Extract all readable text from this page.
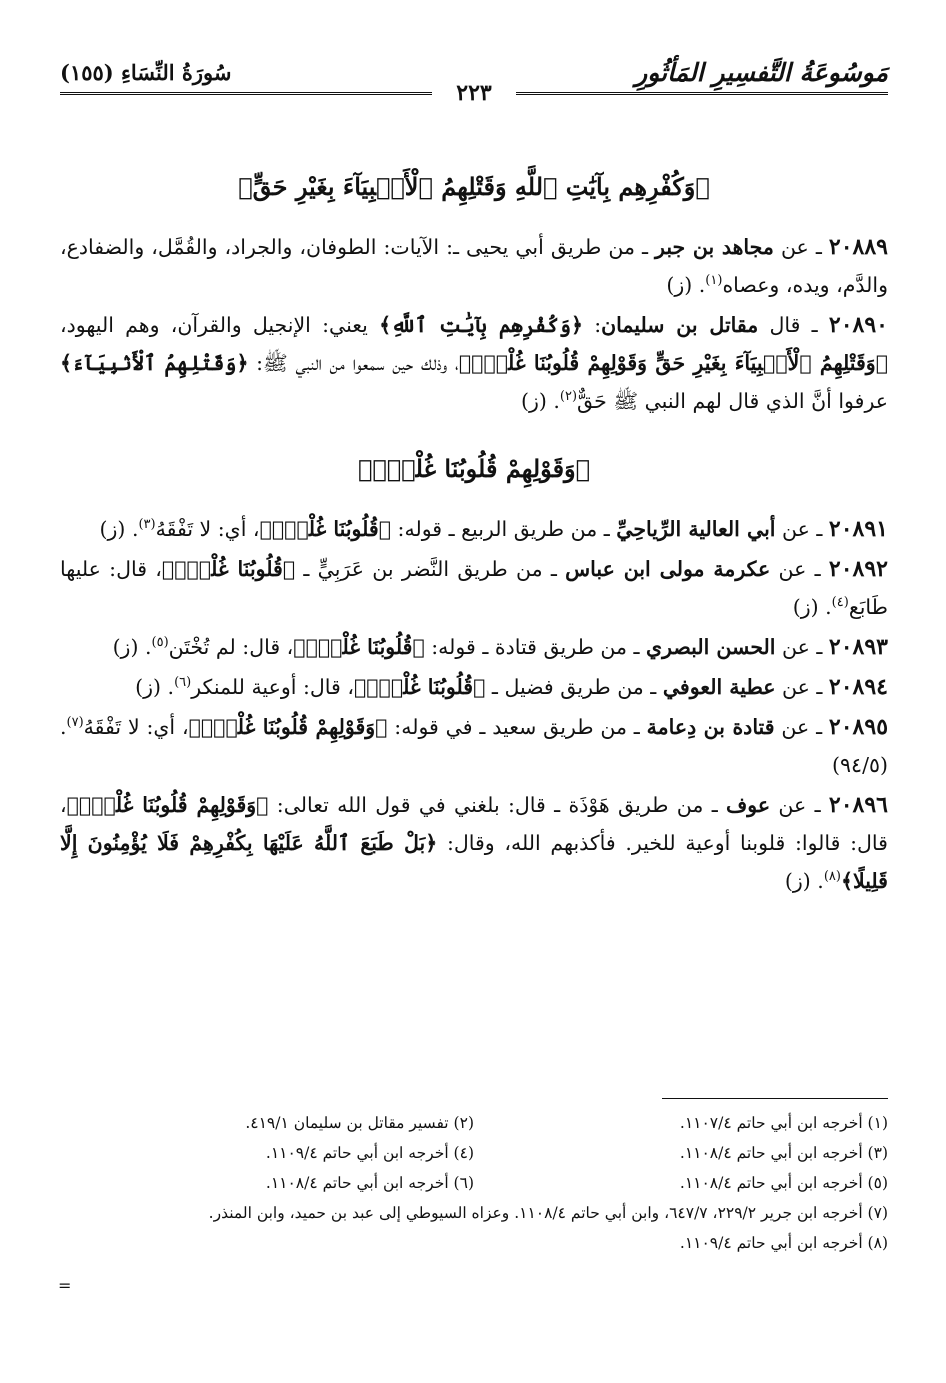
مَوسُوعَةُ التَّفسِيرِ المَأثُورِ
سُورَةُ النِّسَاءِ (١٥٥)
٢٢٣
﴿وَكُفْرِهِم بِآيَٰتِ ٱللَّهِ وَقَتْلِهِمُ ٱلْأَنۢبِيَآءَ بِغَيْرِ حَقٍّ﴾
٢٠٨٨٩ ـ عن مجاهد بن جبر ـ من طريق أبي يحيى ـ: الآيات: الطوفان، والجراد، والقُمَّل، والضفادع، والدَّم، ويده، وعصاه$^{(١)}$. (ز)
٢٠٨٩٠ ـ قال مقاتل بن سليمان: ﴿وَكُفْرِهِم بِآيَٰتِ ٱللَّهِ﴾ يعني: الإنجيل والقرآن، وهم اليهود، ﴿وَقَتْلِهِمُ ٱلْأَنۢبِيَآءَ بِغَيْرِ حَقٍّ وَقَوْلِهِمْ قُلُوبُنَا غُلْفٌۢ﴾، وذلك حين سمعوا من النبي ﷺ: ﴿وَقَتْلِهِمُ ٱلْأَنۢبِيَآءَ﴾ عرفوا أنَّ الذي قال لهم النبي ﷺ حَقٌّ$^{(٢)}$. (ز)
﴿وَقَوْلِهِمْ قُلُوبُنَا غُلْفٌۢ﴾
٢٠٨٩١ ـ عن أبي العالية الرِّياحِيِّ ـ من طريق الربيع ـ قوله: ﴿قُلُوبُنَا غُلْفٌۢ﴾، أي: لا تَفْقَهُ$^{(٣)}$. (ز)
٢٠٨٩٢ ـ عن عكرمة مولى ابن عباس ـ من طريق النَّضر بن عَرَبِيٍّ ـ ﴿قُلُوبُنَا غُلْفٌۢ﴾، قال: عليها طَابَع$^{(٤)}$. (ز)
٢٠٨٩٣ ـ عن الحسن البصري ـ من طريق قتادة ـ قوله: ﴿قُلُوبُنَا غُلْفٌۢ﴾، قال: لم تُخْتَن$^{(٥)}$. (ز)
٢٠٨٩٤ ـ عن عطية العوفي ـ من طريق فضيل ـ ﴿قُلُوبُنَا غُلْفٌۢ﴾، قال: أوعية للمنكر$^{(٦)}$. (ز)
٢٠٨٩٥ ـ عن قتادة بن دِعامة ـ من طريق سعيد ـ في قوله: ﴿وَقَوْلِهِمْ قُلُوبُنَا غُلْفٌۢ﴾، أي: لا تَفْقَهُ$^{(٧)}$. (٩٤/٥)
٢٠٨٩٦ ـ عن عوف ـ من طريق هَوْذَة ـ قال: بلغني في قول الله تعالى: ﴿وَقَوْلِهِمْ قُلُوبُنَا غُلْفٌۢ﴾، قال: قالوا: قلوبنا أوعية للخير. فأكذبهم الله، وقال: ﴿بَلْ طَبَعَ ٱللَّهُ عَلَيْهَا بِكُفْرِهِمْ فَلَا يُؤْمِنُونَ إِلَّا قَلِيلًا﴾$^{(٨)}$. (ز)
(١) أخرجه ابن أبي حاتم ١١٠٧/٤.
(٢) تفسير مقاتل بن سليمان ٤١٩/١.
(٣) أخرجه ابن أبي حاتم ١١٠٨/٤.
(٤) أخرجه ابن أبي حاتم ١١٠٩/٤.
(٥) أخرجه ابن أبي حاتم ١١٠٨/٤.
(٦) أخرجه ابن أبي حاتم ١١٠٨/٤.
(٧) أخرجه ابن جرير ٢٢٩/٢، ٦٤٧/٧، وابن أبي حاتم ١١٠٨/٤. وعزاه السيوطي إلى عبد بن حميد، وابن المنذر.
(٨) أخرجه ابن أبي حاتم ١١٠٩/٤.
=
